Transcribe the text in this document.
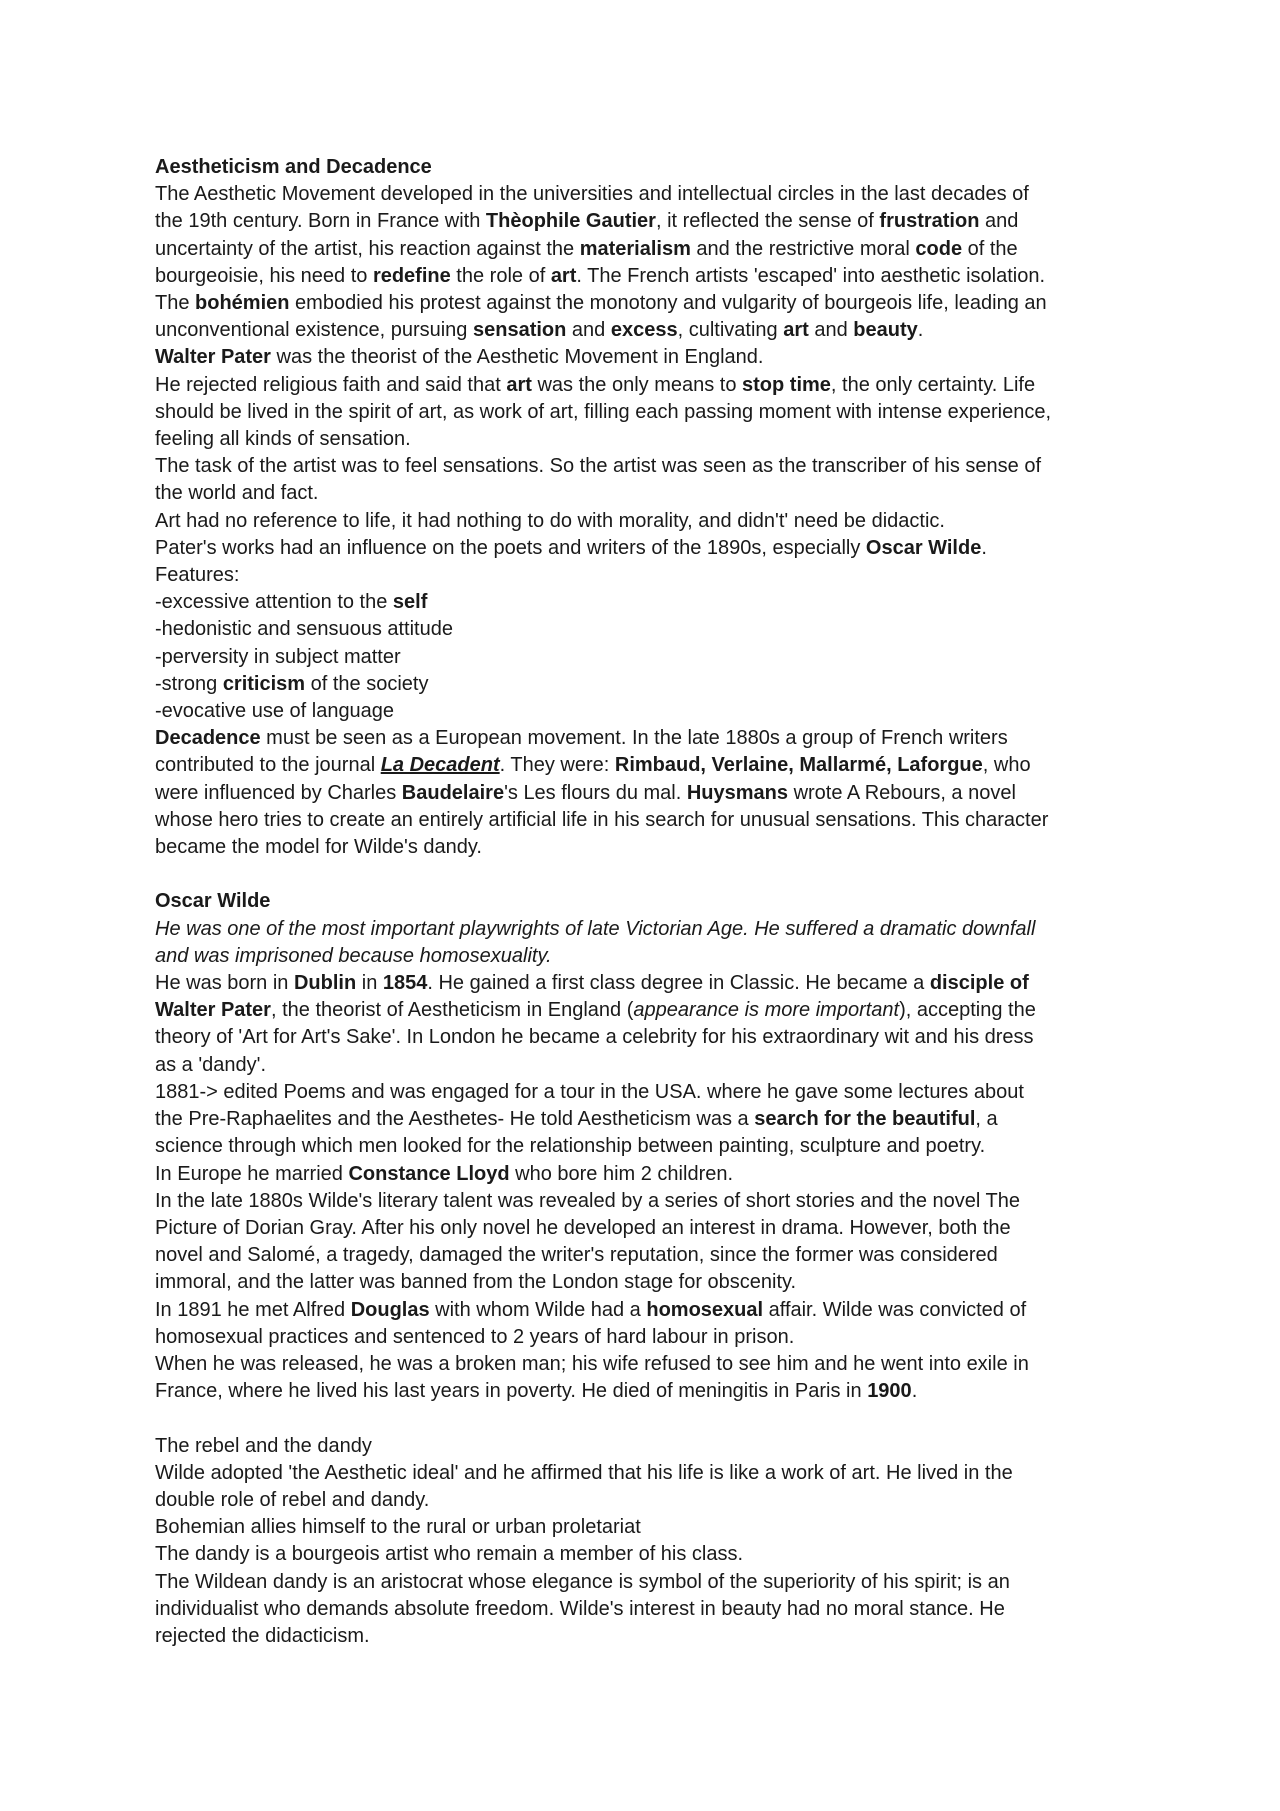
Aestheticism and Decadence
The Aesthetic Movement developed in the universities and intellectual circles in the last decades of
the 19th century. Born in France with Thèophile Gautier, it reflected the sense of frustration and
uncertainty of the artist, his reaction against the materialism and the restrictive moral code of the
bourgeoisie, his need to redefine the role of art. The French artists 'escaped' into aesthetic isolation.
The bohémien embodied his protest against the monotony and vulgarity of bourgeois life, leading an
unconventional existence, pursuing sensation and excess, cultivating art and beauty.
Walter Pater was the theorist of the Aesthetic Movement in England.
He rejected religious faith and said that art was the only means to stop time, the only certainty. Life
should be lived in the spirit of art, as work of art, filling each passing moment with intense experience,
feeling all kinds of sensation.
The task of the artist was to feel sensations. So the artist was seen as the transcriber of his sense of
the world and fact.
Art had no reference to life, it had nothing to do with morality, and didn't' need be didactic.
Pater's works had an influence on the poets and writers of the 1890s, especially Oscar Wilde.
Features:
-excessive attention to the self
-hedonistic and sensuous attitude
-perversity in subject matter
-strong criticism of the society
-evocative use of language
Decadence must be seen as a European movement. In the late 1880s a group of French writers
contributed to the journal La Decadent. They were: Rimbaud, Verlaine, Mallarmé, Laforgue, who
were influenced by Charles Baudelaire's Les flours du mal. Huysmans wrote A Rebours, a novel
whose hero tries to create an entirely artificial life in his search for unusual sensations. This character
became the model for Wilde's dandy.
Oscar Wilde
He was one of the most important playwrights of late Victorian Age. He suffered a dramatic downfall
and was imprisoned because homosexuality.
He was born in Dublin in 1854. He gained a first class degree in Classic. He became a disciple of
Walter Pater, the theorist of Aestheticism in England (appearance is more important), accepting the
theory of 'Art for Art's Sake'. In London he became a celebrity for his extraordinary wit and his dress
as a 'dandy'.
1881-> edited Poems and was engaged for a tour in the USA. where he gave some lectures about
the Pre-Raphaelites and the Aesthetes- He told Aestheticism was a search for the beautiful, a
science through which men looked for the relationship between painting, sculpture and poetry.
In Europe he married Constance Lloyd who bore him 2 children.
In the late 1880s Wilde's literary talent was revealed by a series of short stories and the novel The
Picture of Dorian Gray. After his only novel he developed an interest in drama. However, both the
novel and Salomé, a tragedy, damaged the writer's reputation, since the former was considered
immoral, and the latter was banned from the London stage for obscenity.
In 1891 he met Alfred Douglas with whom Wilde had a homosexual affair. Wilde was convicted of
homosexual practices and sentenced to 2 years of hard labour in prison.
When he was released, he was a broken man; his wife refused to see him and he went into exile in
France, where he lived his last years in poverty. He died of meningitis in Paris in 1900.
The rebel and the dandy
Wilde adopted 'the Aesthetic ideal' and he affirmed that his life is like a work of art. He lived in the
double role of rebel and dandy.
Bohemian allies himself to the rural or urban proletariat
The dandy is a bourgeois artist who remain a member of his class.
The Wildean dandy is an aristocrat whose elegance is symbol of the superiority of his spirit; is an
individualist who demands absolute freedom. Wilde's interest in beauty had no moral stance. He
rejected the didacticism.
